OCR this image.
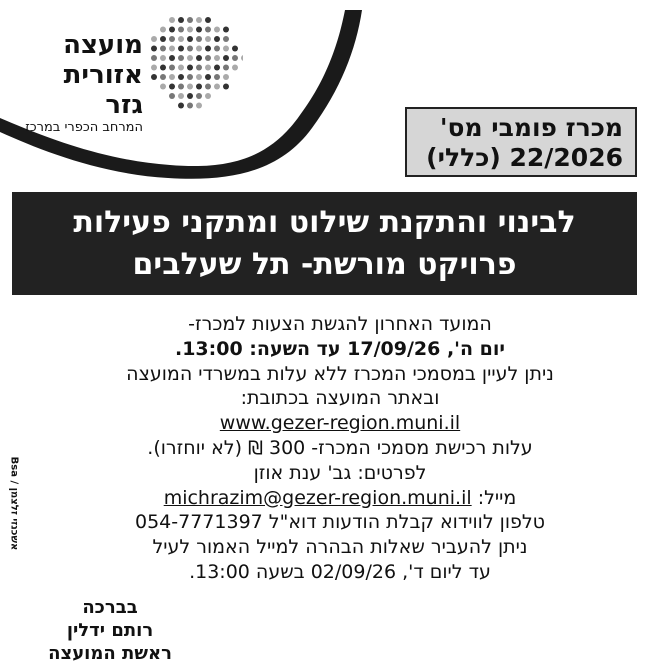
מועצה
אזורית גזר
המרחב הכפרי במרכז	מכרז פומבי מס'
22/2026 (כללי)
לבינוי והתקנת שילוט ומתקני פעילות
פרויקט מורשת- תל שעלבים
המועד האחרון להגשת הצעות למכרז-
יום ה', 17/09/26 עד השעה: 13:00.
ניתן לעיין במסמכי המכרז ללא עלות במשרדי המועצה
ובאתר המועצה בכתובת:
www.gezer-region.muni.il
עלות רכישת מסמכי המכרז- 300 ₪ (לא יוחזרו).
לפרטים: גב' ענת אוזן
מייל: michrazim@gezer-region.muni.il
טלפון לווידוא קבלת הודעות דוא"ל 054-7771397
ניתן להעביר שאלות הבהרה למייל האמור לעיל
עד ליום ד', 02/09/26 בשעה 13:00.
אשכנזי זלצמן / Bsa
בברכה
רותם ידלין
ראשת המועצה
